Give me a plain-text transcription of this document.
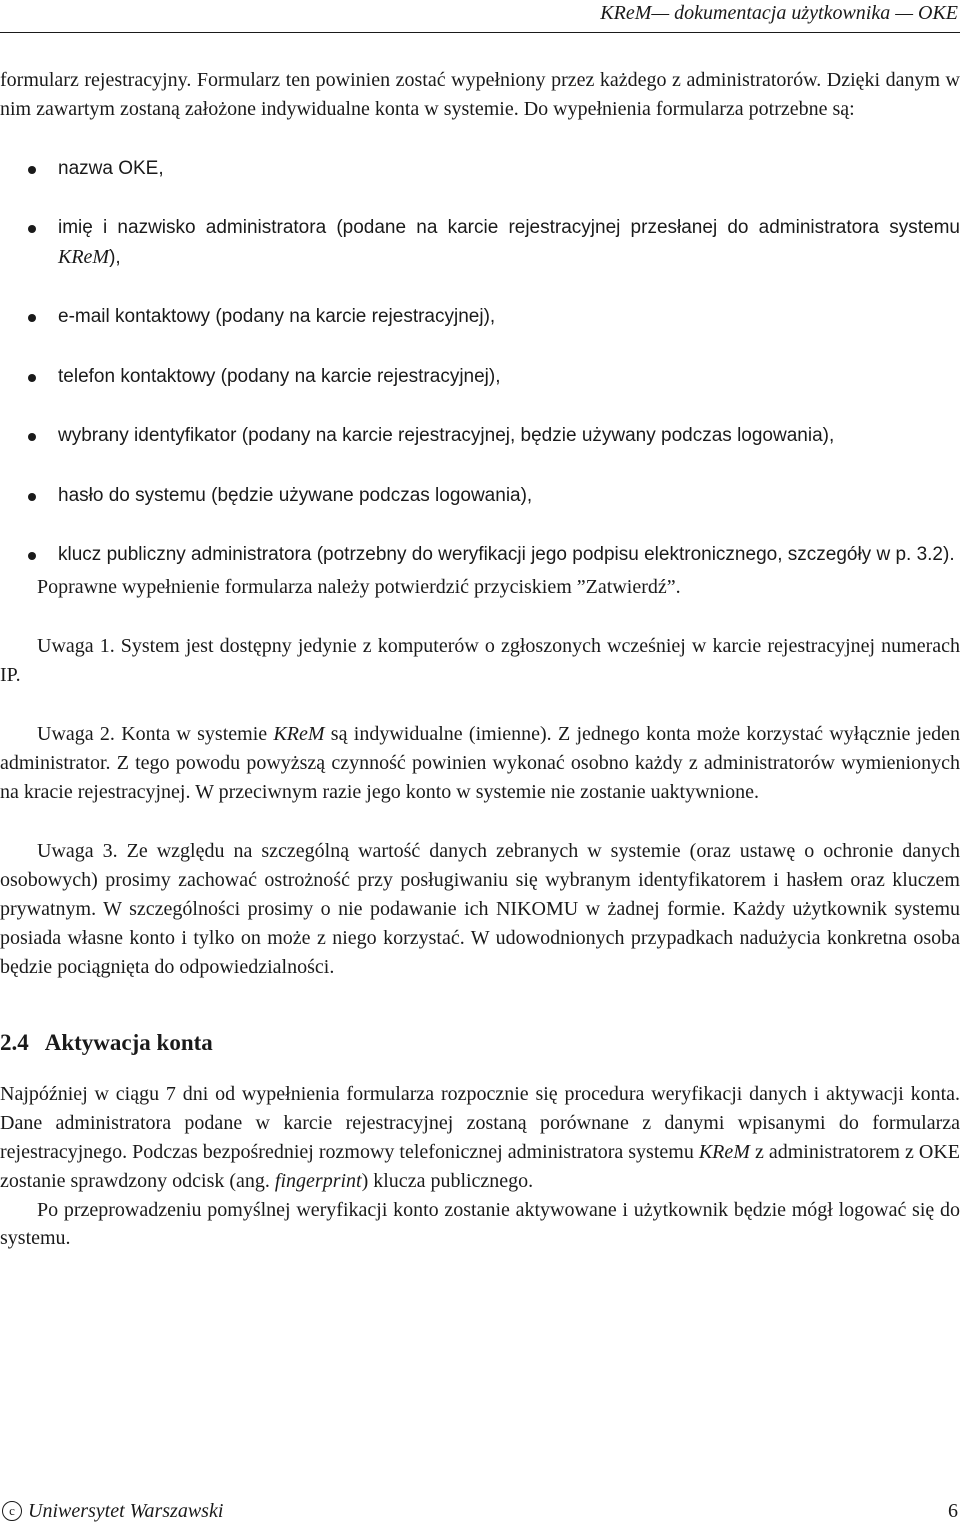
KReM— dokumentacja użytkownika — OKE

formularz rejestracyjny. Formularz ten powinien zostać wypełniony przez każdego z administratorów. Dzięki danym w nim zawartym zostaną założone indywidualne konta w systemie. Do wypełnienia formularza potrzebne są:

nazwa OKE,
imię i nazwisko administratora (podane na karcie rejestracyjnej przesłanej do administratora systemu KReM),
e-mail kontaktowy (podany na karcie rejestracyjnej),
telefon kontaktowy (podany na karcie rejestracyjnej),
wybrany identyfikator (podany na karcie rejestracyjnej, będzie używany podczas logowania),
hasło do systemu (będzie używane podczas logowania),
klucz publiczny administratora (potrzebny do weryfikacji jego podpisu elektronicznego, szczegóły w p. 3.2).

Poprawne wypełnienie formularza należy potwierdzić przyciskiem ”Zatwierdź”.

Uwaga 1. System jest dostępny jedynie z komputerów o zgłoszonych wcześniej w karcie rejestracyjnej numerach IP.

Uwaga 2. Konta w systemie KReM są indywidualne (imienne). Z jednego konta może korzystać wyłącznie jeden administrator. Z tego powodu powyższą czynność powinien wykonać osobno każdy z administratorów wymienionych na kracie rejestracyjnej. W przeciwnym razie jego konto w systemie nie zostanie uaktywnione.

Uwaga 3. Ze względu na szczególną wartość danych zebranych w systemie (oraz ustawę o ochronie danych osobowych) prosimy zachować ostrożność przy posługiwaniu się wybranym identyfikatorem i hasłem oraz kluczem prywatnym. W szczególności prosimy o nie podawanie ich NIKOMU w żadnej formie. Każdy użytkownik systemu posiada własne konto i tylko on może z niego korzystać. W udowodnionych przypadkach nadużycia konkretna osoba będzie pociągnięta do odpowiedzialności.

2.4 Aktywacja konta

Najpóźniej w ciągu 7 dni od wypełnienia formularza rozpocznie się procedura weryfikacji danych i aktywacji konta. Dane administratora podane w karcie rejestracyjnej zostaną porównane z danymi wpisanymi do formularza rejestracyjnego. Podczas bezpośredniej rozmowy telefonicznej administratora systemu KReM z administratorem z OKE zostanie sprawdzony odcisk (ang. fingerprint) klucza publicznego.

Po przeprowadzeniu pomyślnej weryfikacji konto zostanie aktywowane i użytkownik będzie mógł logować się do systemu.

c Uniwersytet Warszawski	6
